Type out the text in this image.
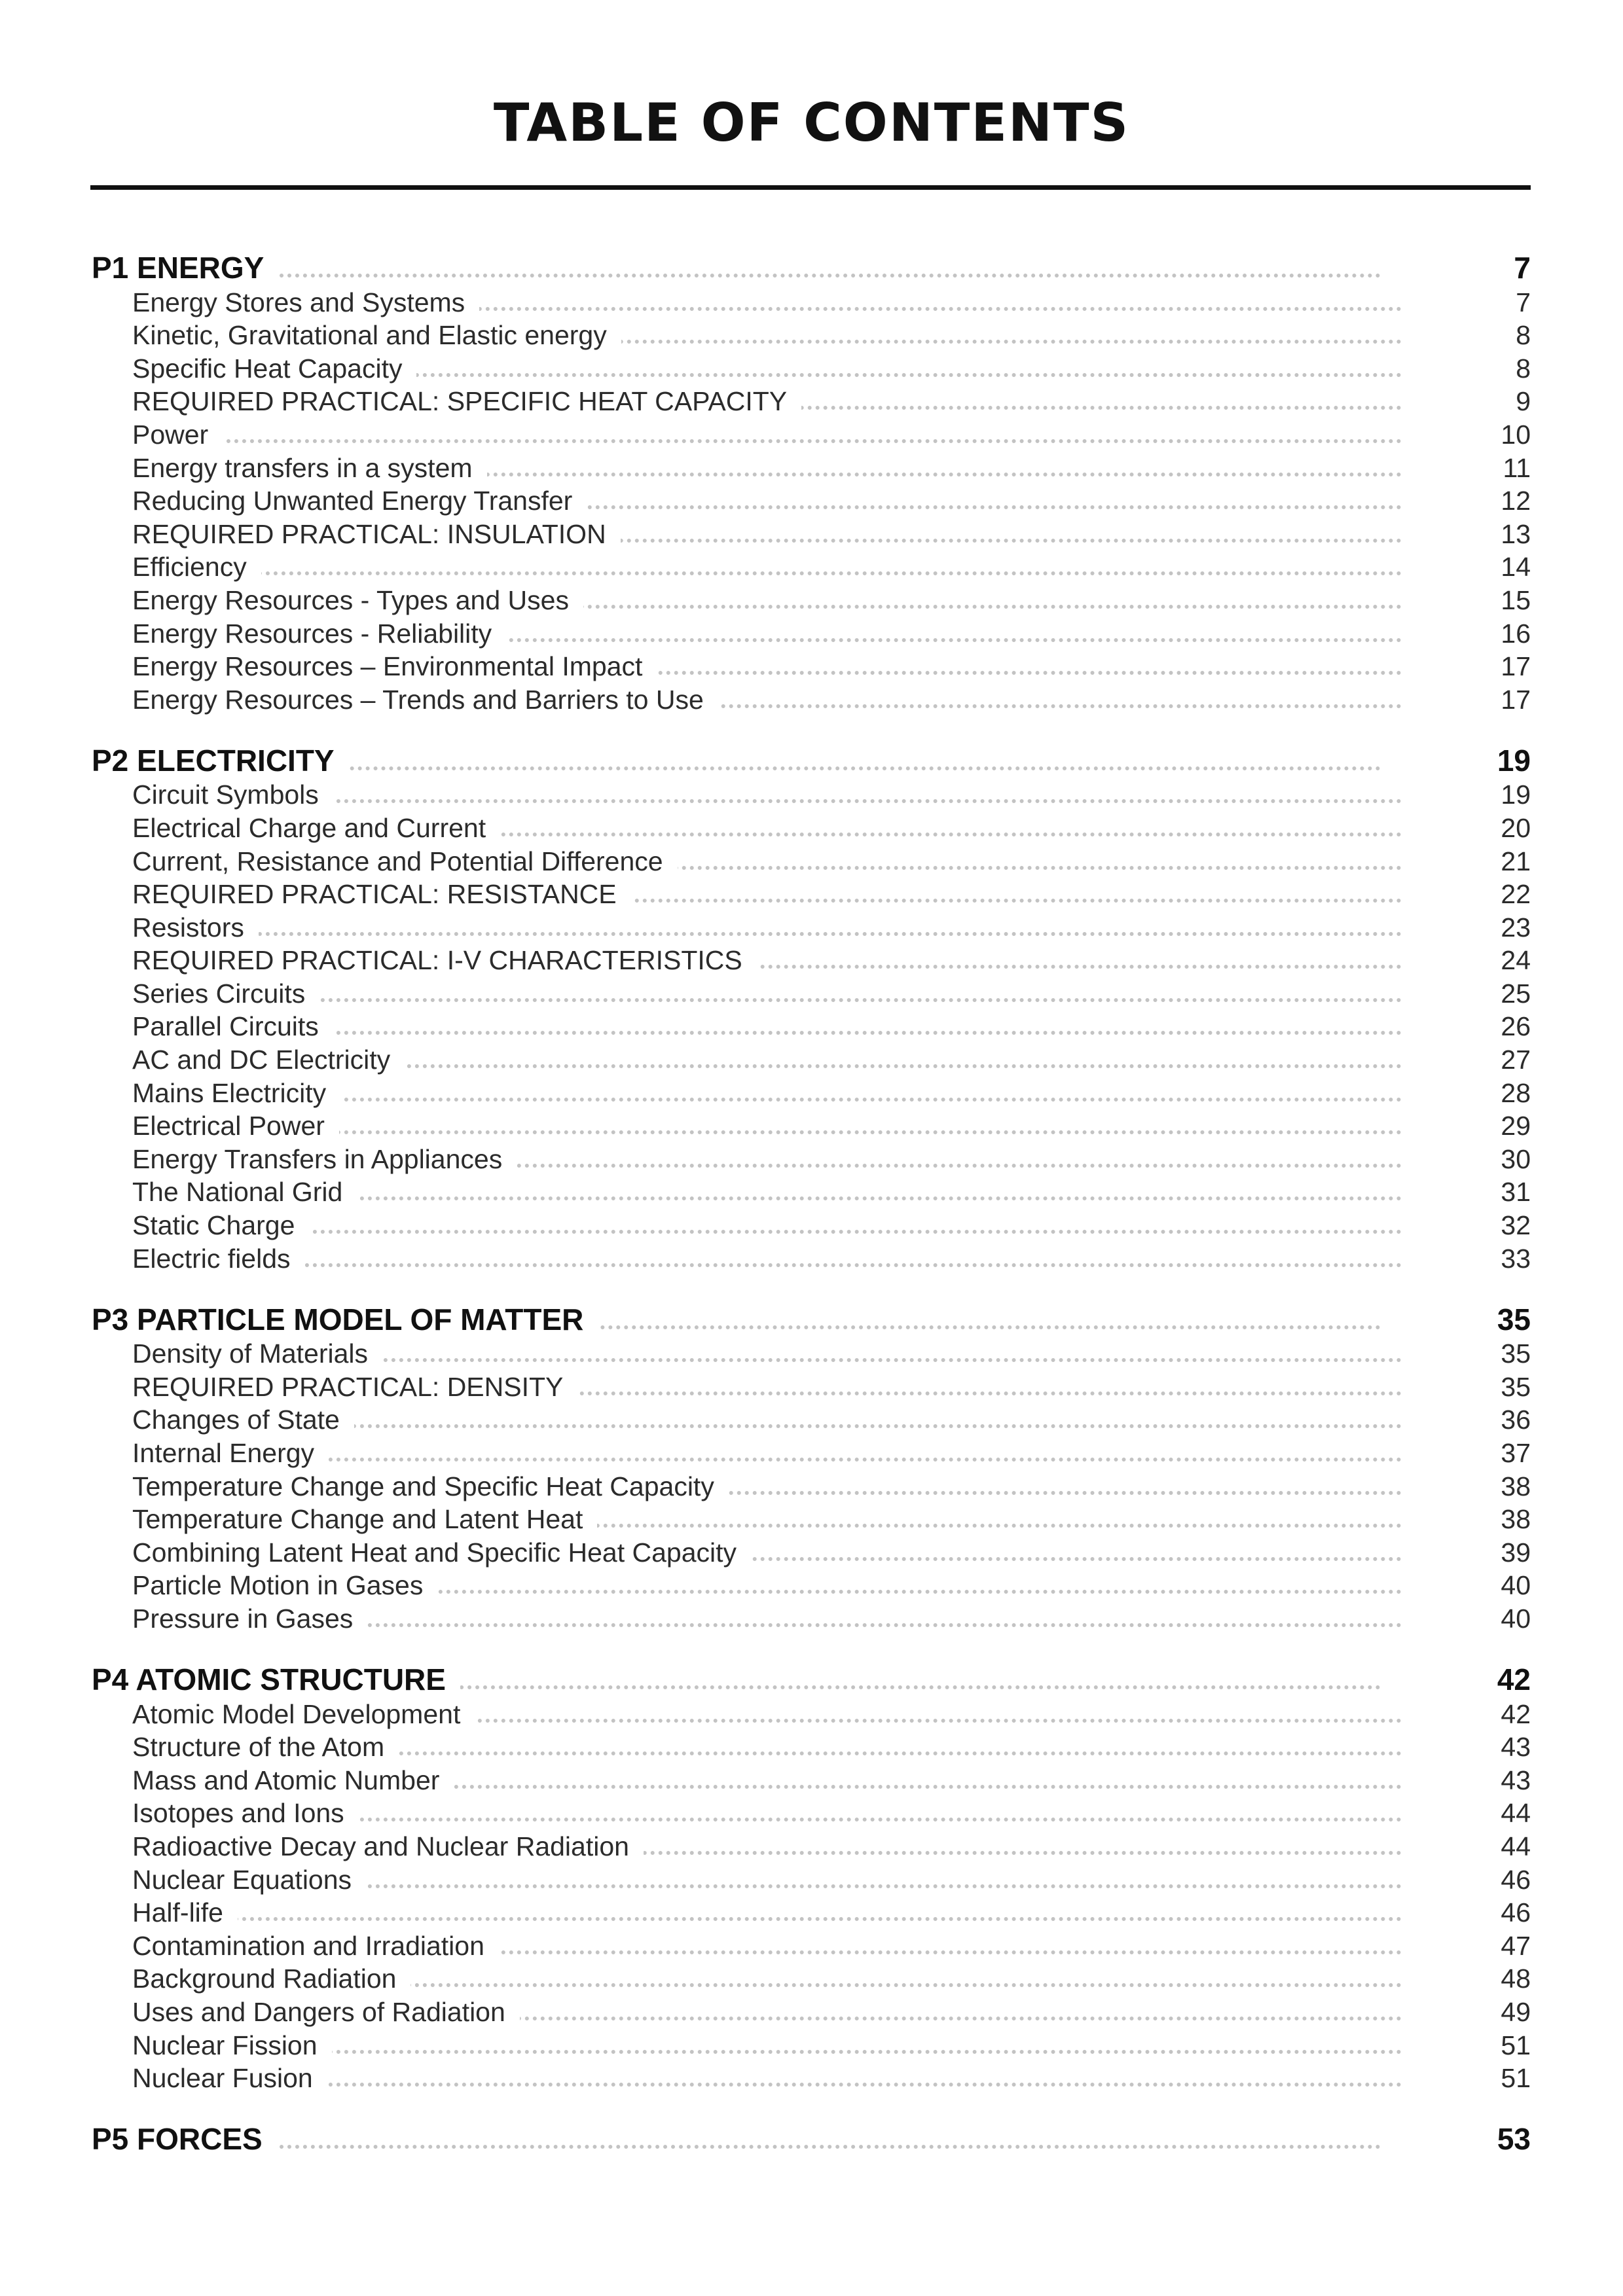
TABLE OF CONTENTS
P1 ENERGY	7
Energy Stores and Systems	7
Kinetic, Gravitational and Elastic energy	8
Specific Heat Capacity	8
REQUIRED PRACTICAL: SPECIFIC HEAT CAPACITY	9
Power	10
Energy transfers in a system	11
Reducing Unwanted Energy Transfer	12
REQUIRED PRACTICAL: INSULATION	13
Efficiency	14
Energy Resources - Types and Uses	15
Energy Resources - Reliability	16
Energy Resources – Environmental Impact	17
Energy Resources – Trends and Barriers to Use	17
P2 ELECTRICITY	19
Circuit Symbols	19
Electrical Charge and Current	20
Current, Resistance and Potential Difference	21
REQUIRED PRACTICAL: RESISTANCE	22
Resistors	23
REQUIRED PRACTICAL: I-V CHARACTERISTICS	24
Series Circuits	25
Parallel Circuits	26
AC and DC Electricity	27
Mains Electricity	28
Electrical Power	29
Energy Transfers in Appliances	30
The National Grid	31
Static Charge	32
Electric fields	33
P3 PARTICLE MODEL OF MATTER	35
Density of Materials	35
REQUIRED PRACTICAL: DENSITY	35
Changes of State	36
Internal Energy	37
Temperature Change and Specific Heat Capacity	38
Temperature Change and Latent Heat	38
Combining Latent Heat and Specific Heat Capacity	39
Particle Motion in Gases	40
Pressure in Gases	40
P4 ATOMIC STRUCTURE	42
Atomic Model Development	42
Structure of the Atom	43
Mass and Atomic Number	43
Isotopes and Ions	44
Radioactive Decay and Nuclear Radiation	44
Nuclear Equations	46
Half-life	46
Contamination and Irradiation	47
Background Radiation	48
Uses and Dangers of Radiation	49
Nuclear Fission	51
Nuclear Fusion	51
P5 FORCES	53
